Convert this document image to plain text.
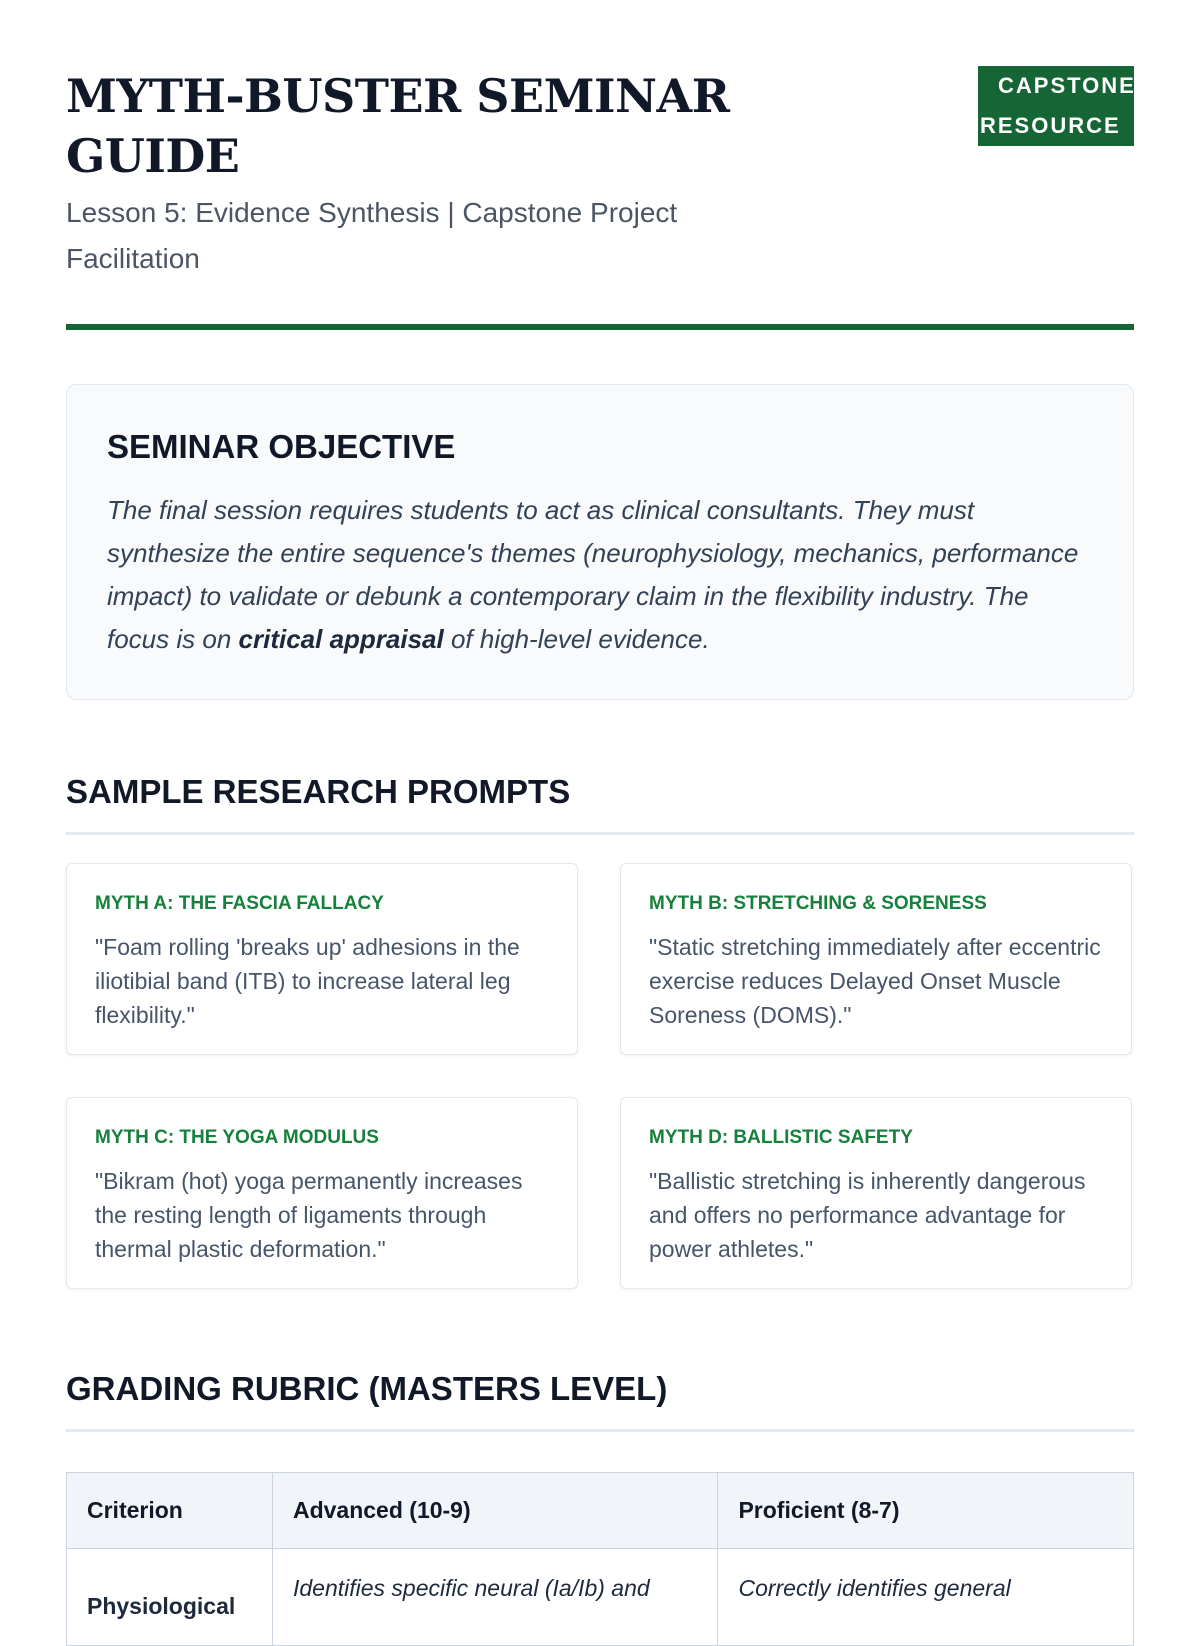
MYTH-BUSTER SEMINAR GUIDE
Lesson 5: Evidence Synthesis | Capstone Project Facilitation
CAPSTONE
RESOURCE
SEMINAR OBJECTIVE

The final session requires students to act as clinical consultants. They must synthesize the entire sequence's themes (neurophysiology, mechanics, performance impact) to validate or debunk a contemporary claim in the flexibility industry. The focus is on critical appraisal of high-level evidence.

SAMPLE RESEARCH PROMPTS
MYTH A: THE FASCIA FALLACY

"Foam rolling 'breaks up' adhesions in the iliotibial band (ITB) to increase lateral leg flexibility."

MYTH B: STRETCHING & SORENESS

"Static stretching immediately after eccentric exercise reduces Delayed Onset Muscle Soreness (DOMS)."

MYTH C: THE YOGA MODULUS

"Bikram (hot) yoga permanently increases the resting length of ligaments through thermal plastic deformation."

MYTH D: BALLISTIC SAFETY

"Ballistic stretching is inherently dangerous and offers no performance advantage for power athletes."

GRADING RUBRIC (MASTERS LEVEL)
Criterion	Advanced (10-9)	Proficient (8-7)
Physiological	Identifies specific neural (Ia/Ib) and	Correctly identifies general
